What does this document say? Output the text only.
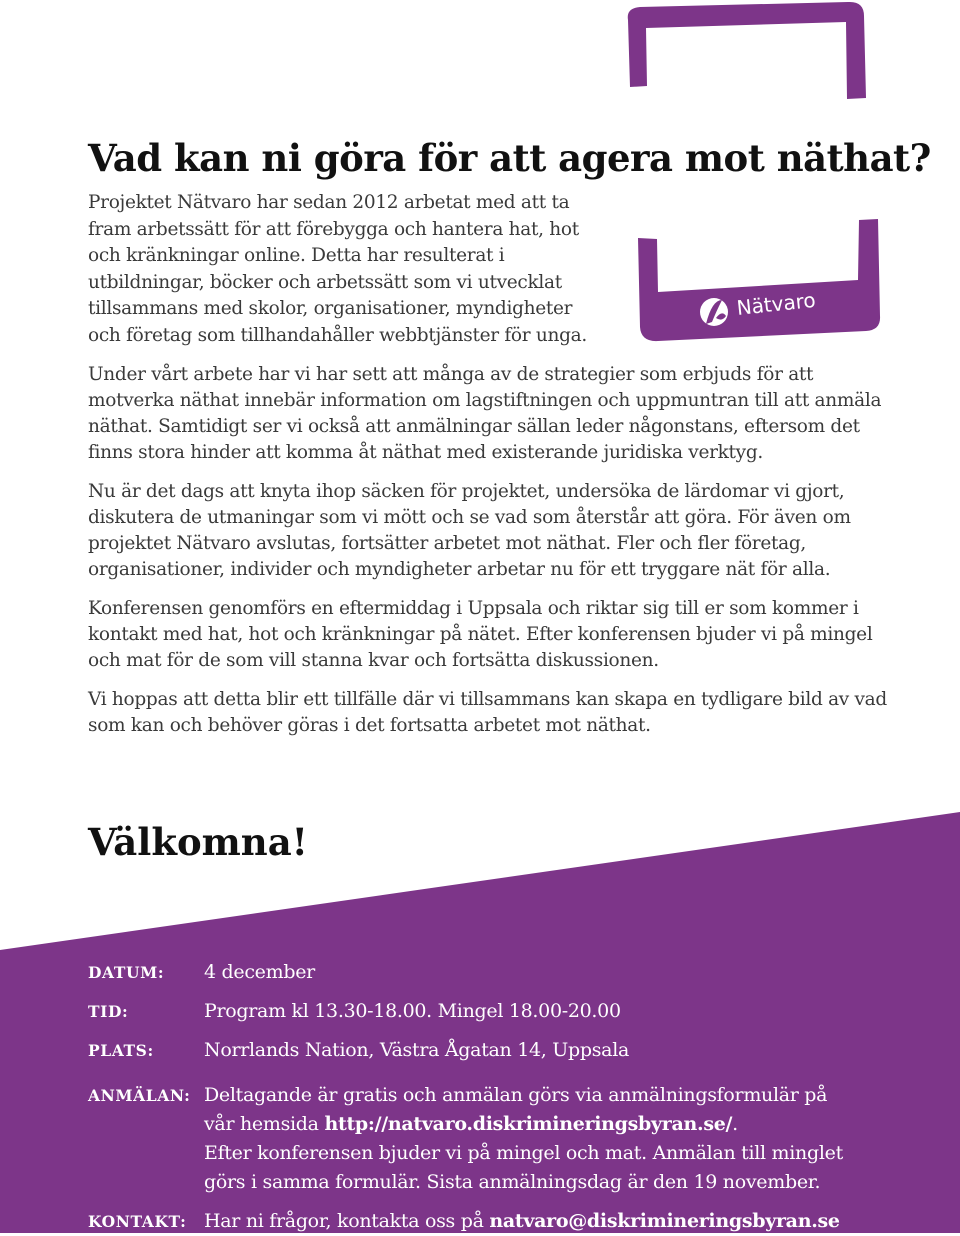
Nätvaro
Vad kan ni göra för att agera mot näthat?
Projektet Nätvaro har sedan 2012 arbetat med att ta
fram arbetssätt för att förebygga och hantera hat, hot
och kränkningar online. Detta har resulterat i
utbildningar, böcker och arbetssätt som vi utvecklat
tillsammans med skolor, organisationer, myndigheter
och företag som tillhandahåller webbtjänster för unga.

Under vårt arbete har vi har sett att många av de strategier som erbjuds för att motverka näthat innebär information om lagstiftningen och uppmuntran till att anmäla näthat. Samtidigt ser vi också att anmälningar sällan leder någonstans, eftersom det finns stora hinder att komma åt näthat med existerande juridiska verktyg.

Nu är det dags att knyta ihop säcken för projektet, undersöka de lärdomar vi gjort, diskutera de utmaningar som vi mött och se vad som återstår att göra. För även om projektet Nätvaro avslutas, fortsätter arbetet mot näthat. Fler och fler företag, organisationer, individer och myndigheter arbetar nu för ett tryggare nät för alla.

Konferensen genomförs en eftermiddag i Uppsala och riktar sig till er som kommer i kontakt med hat, hot och kränkningar på nätet. Efter konferensen bjuder vi på mingel och mat för de som vill stanna kvar och fortsätta diskussionen.

Vi hoppas att detta blir ett tillfälle där vi tillsammans kan skapa en tydligare bild av vad som kan och behöver göras i det fortsatta arbetet mot näthat.

Välkomna!
DATUM: 4 december
TID:	Program kl 13.30-18.00. Mingel 18.00-20.00
PLATS:	Norrlands Nation, Västra Ågatan 14, Uppsala
ANMÄLAN: Deltagande är gratis och anmälan görs via anmälningsformulär på
vår hemsida http://natvaro.diskrimineringsbyran.se/.
Efter konferensen bjuder vi på mingel och mat. Anmälan till minglet
görs i samma formulär. Sista anmälningsdag är den 19 november.
KONTAKT: Har ni frågor, kontakta oss på natvaro@diskrimineringsbyran.se
